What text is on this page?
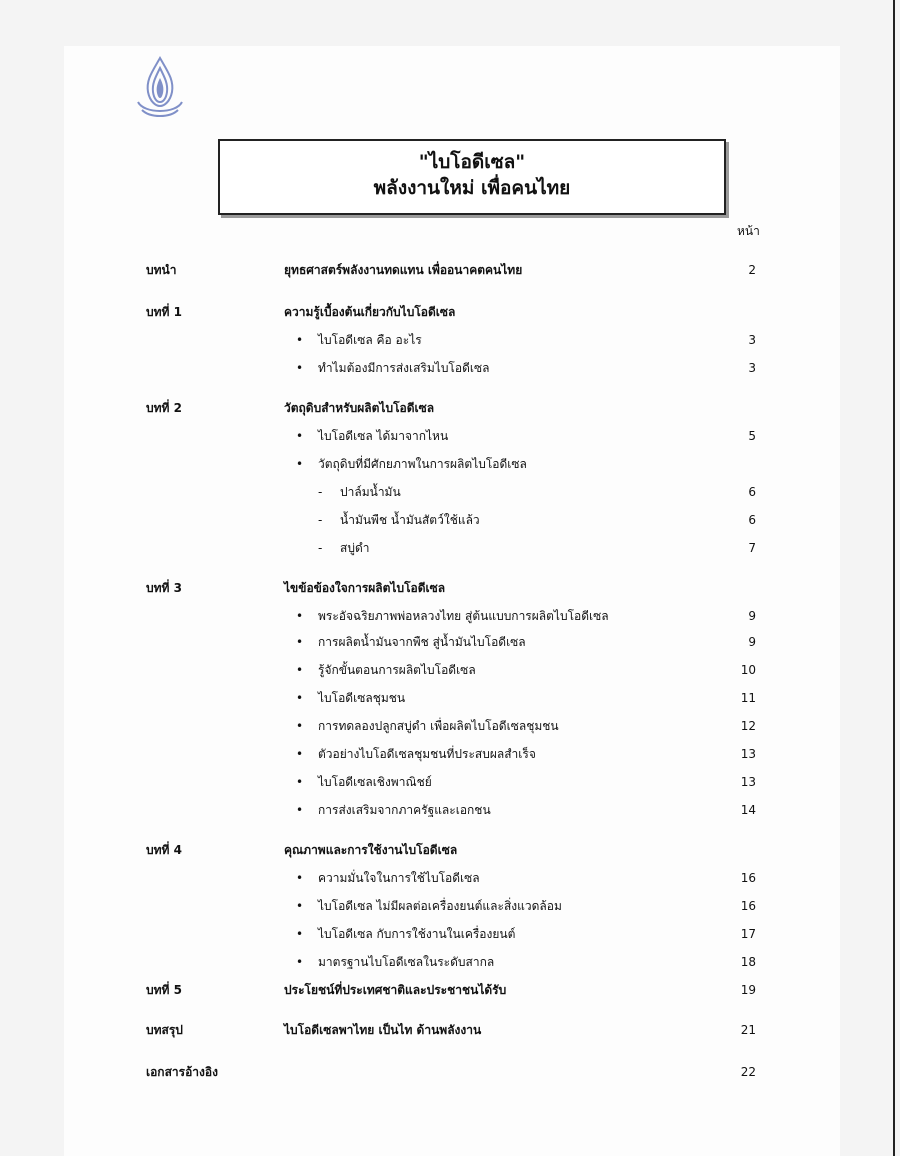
"ไบโอดีเซล"
พลังงานใหม่ เพื่อคนไทย
หน้า
บทนำ	ยุทธศาสตร์พลังงานทดแทน เพื่ออนาคตคนไทย	2
บทที่ 1	ความรู้เบื้องต้นเกี่ยวกับไบโอดีเซล
• ไบโอดีเซล คือ อะไร	3
• ทำไมต้องมีการส่งเสริมไบโอดีเซล	3
บทที่ 2	วัตถุดิบสำหรับผลิตไบโอดีเซล
• ไบโอดีเซล ได้มาจากไหน	5
• วัตถุดิบที่มีศักยภาพในการผลิตไบโอดีเซล
- ปาล์มน้ำมัน	6
- น้ำมันพืช น้ำมันสัตว์ใช้แล้ว	6
- สบู่ดำ	7
บทที่ 3	ไขข้อข้องใจการผลิตไบโอดีเซล
• พระอัจฉริยภาพพ่อหลวงไทย สู่ต้นแบบการผลิตไบโอดีเซล	9
• การผลิตน้ำมันจากพืช สู่น้ำมันไบโอดีเซล	9
• รู้จักขั้นตอนการผลิตไบโอดีเซล	10
• ไบโอดีเซลชุมชน	11
• การทดลองปลูกสบู่ดำ เพื่อผลิตไบโอดีเซลชุมชน	12
• ตัวอย่างไบโอดีเซลชุมชนที่ประสบผลสำเร็จ	13
• ไบโอดีเซลเชิงพาณิชย์	13
• การส่งเสริมจากภาครัฐและเอกชน	14
บทที่ 4	คุณภาพและการใช้งานไบโอดีเซล
• ความมั่นใจในการใช้ไบโอดีเซล	16
• ไบโอดีเซล ไม่มีผลต่อเครื่องยนต์และสิ่งแวดล้อม	16
• ไบโอดีเซล กับการใช้งานในเครื่องยนต์	17
• มาตรฐานไบโอดีเซลในระดับสากล	18
บทที่ 5	ประโยชน์ที่ประเทศชาติและประชาชนได้รับ	19
บทสรุป	ไบโอดีเซลพาไทย เป็นไท ด้านพลังงาน	21
เอกสารอ้างอิง	22
